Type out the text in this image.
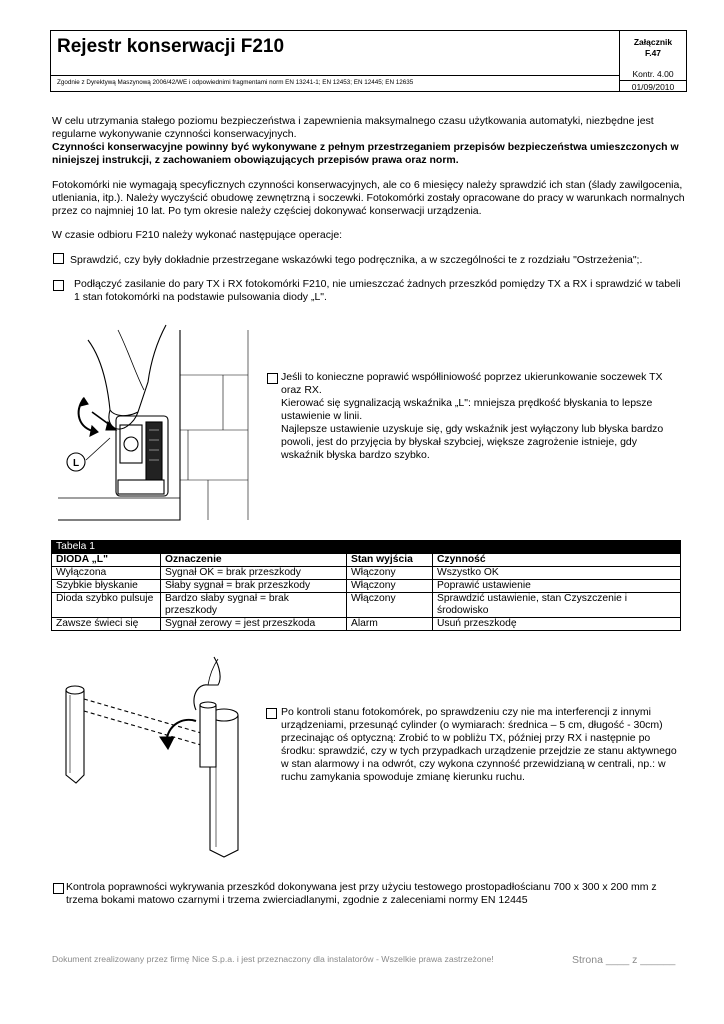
Rejestr konserwacji F210
Zgodnie z Dyrektywą Maszynową 2006/42/WE i odpowiednimi fragmentami norm EN 13241-1; EN 12453; EN 12445; EN 12635
Załącznik
F.47
Kontr. 4.00
01/09/2010
W celu utrzymania stałego poziomu bezpieczeństwa i zapewnienia maksymalnego czasu użytkowania automatyki, niezbędne jest regularne wykonywanie czynności konserwacyjnych.
Czynności konserwacyjne powinny być wykonywane z pełnym przestrzeganiem przepisów bezpieczeństwa umieszczonych w niniejszej instrukcji, z zachowaniem obowiązujących przepisów prawa oraz norm.
Fotokomórki nie wymagają specyficznych czynności konserwacyjnych, ale co 6 miesięcy należy sprawdzić ich stan (ślady zawilgocenia, utleniania, itp.). Należy wyczyścić obudowę zewnętrzną i soczewki. Fotokomórki zostały opracowane do pracy w warunkach normalnych przez co najmniej 10 lat. Po tym okresie należy częściej dokonywać konserwacji urządzenia.
W czasie odbioru F210 należy wykonać następujące operacje:
Sprawdzić, czy były dokładnie przestrzegane wskazówki tego podręcznika, a w szczególności te z rozdziału "Ostrzeżenia";.
Podłączyć zasilanie do pary TX i RX fotokomórki F210, nie umieszczać żadnych przeszkód pomiędzy TX a RX i sprawdzić w tabeli 1 stan fotokomórki na podstawie pulsowania diody „L".
L
Jeśli to konieczne poprawić współliniowość poprzez ukierunkowanie soczewek TX oraz RX.
Kierować się sygnalizacją wskaźnika „L": mniejsza prędkość błyskania to lepsze ustawienie w linii.
Najlepsze ustawienie uzyskuje się, gdy wskaźnik jest wyłączony lub błyska bardzo powoli, jest do przyjęcia by błyskał szybciej, większe zagrożenie istnieje, gdy wskaźnik błyska bardzo szybko.
Tabela 1			
DIODA „L"	Oznaczenie	Stan wyjścia	Czynność
Wyłączona	Sygnał OK = brak przeszkody	Włączony	Wszystko OK
Szybkie błyskanie	Słaby sygnał = brak przeszkody	Włączony	Poprawić ustawienie
Dioda szybko pulsuje	Bardzo słaby sygnał = brak przeszkody	Włączony	Sprawdzić ustawienie, stan Czyszczenie i środowisko
Zawsze świeci się	Sygnał zerowy = jest przeszkoda	Alarm	Usuń przeszkodę
Po kontroli stanu fotokomórek, po sprawdzeniu czy nie ma interferencji z innymi urządzeniami, przesunąć cylinder (o wymiarach: średnica – 5 cm, długość - 30cm) przecinając oś optyczną: Zrobić to w pobliżu TX, później przy RX i następnie po środku: sprawdzić, czy w tych przypadkach urządzenie przejdzie ze stanu aktywnego w stan alarmowy i na odwrót, czy wykona czynność przewidzianą w centrali, np.: w ruchu zamykania spowoduje zmianę kierunku ruchu.
Kontrola poprawności wykrywania przeszkód dokonywana jest przy użyciu testowego prostopadłościanu 700 x 300 x 200 mm z trzema bokami matowo czarnymi i trzema zwierciadlanymi, zgodnie z zaleceniami normy EN 12445
Dokument zrealizowany przez firmę Nice S.p.a. i jest przeznaczony dla instalatorów - Wszelkie prawa zastrzeżone!	Strona ____ z ______
